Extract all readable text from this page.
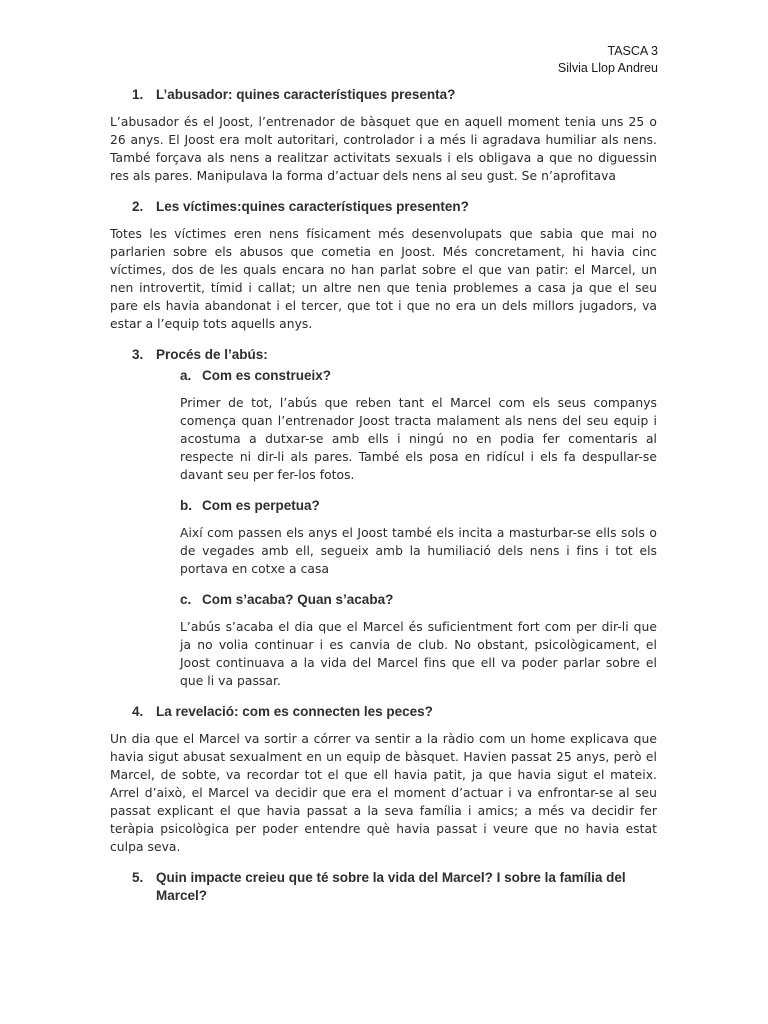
TASCA 3
Silvia Llop Andreu
1. L’abusador: quines característiques presenta?

L’abusador és el Joost, l’entrenador de bàsquet que en aquell moment tenia uns 25 o 26 anys. El Joost era molt autoritari, controlador i a més li agradava humiliar als nens. També forçava als nens a realitzar activitats sexuals i els obligava a que no diguessin res als pares. Manipulava la forma d’actuar dels nens al seu gust. Se n’aprofitava

2. Les víctimes:quines característiques presenten?

Totes les víctimes eren nens físicament més desenvolupats que sabia que mai no parlarien sobre els abusos que cometia en Joost. Més concretament, hi havia cinc víctimes, dos de les quals encara no han parlat sobre el que van patir: el Marcel, un nen introvertit, tímid i callat; un altre nen que tenia problemes a casa ja que el seu pare els havia abandonat i el tercer, que tot i que no era un dels millors jugadors, va estar a l’equip tots aquells anys.

3. Procés de l’abús:
a. Com es construeix?

Primer de tot, l’abús que reben tant el Marcel com els seus companys comença quan l’entrenador Joost tracta malament als nens del seu equip i acostuma a dutxar-se amb ells i ningú no en podia fer comentaris al respecte ni dir-li als pares. També els posa en ridícul i els fa despullar-se davant seu per fer-los fotos.

b. Com es perpetua?

Així com passen els anys el Joost també els incita a masturbar-se ells sols o de vegades amb ell, segueix amb la humiliació dels nens i fins i tot els portava en cotxe a casa

c. Com s’acaba? Quan s’acaba?

L’abús s’acaba el dia que el Marcel és suficientment fort com per dir-li que ja no volia continuar i es canvia de club. No obstant, psicològicament, el Joost continuava a la vida del Marcel fins que ell va poder parlar sobre el que li va passar.

4. La revelació: com es connecten les peces?

Un dia que el Marcel va sortir a córrer va sentir a la ràdio com un home explicava que havia sigut abusat sexualment en un equip de bàsquet. Havien passat 25 anys, però el Marcel, de sobte, va recordar tot el que ell havia patit, ja que havia sigut el mateix. Arrel d’això, el Marcel va decidir que era el moment d’actuar i va enfrontar-se al seu passat explicant el que havia passat a la seva família i amics; a més va decidir fer teràpia psicològica per poder entendre què havia passat i veure que no havia estat culpa seva.

5. Quin impacte creieu que té sobre la vida del Marcel? I sobre la família del Marcel?
